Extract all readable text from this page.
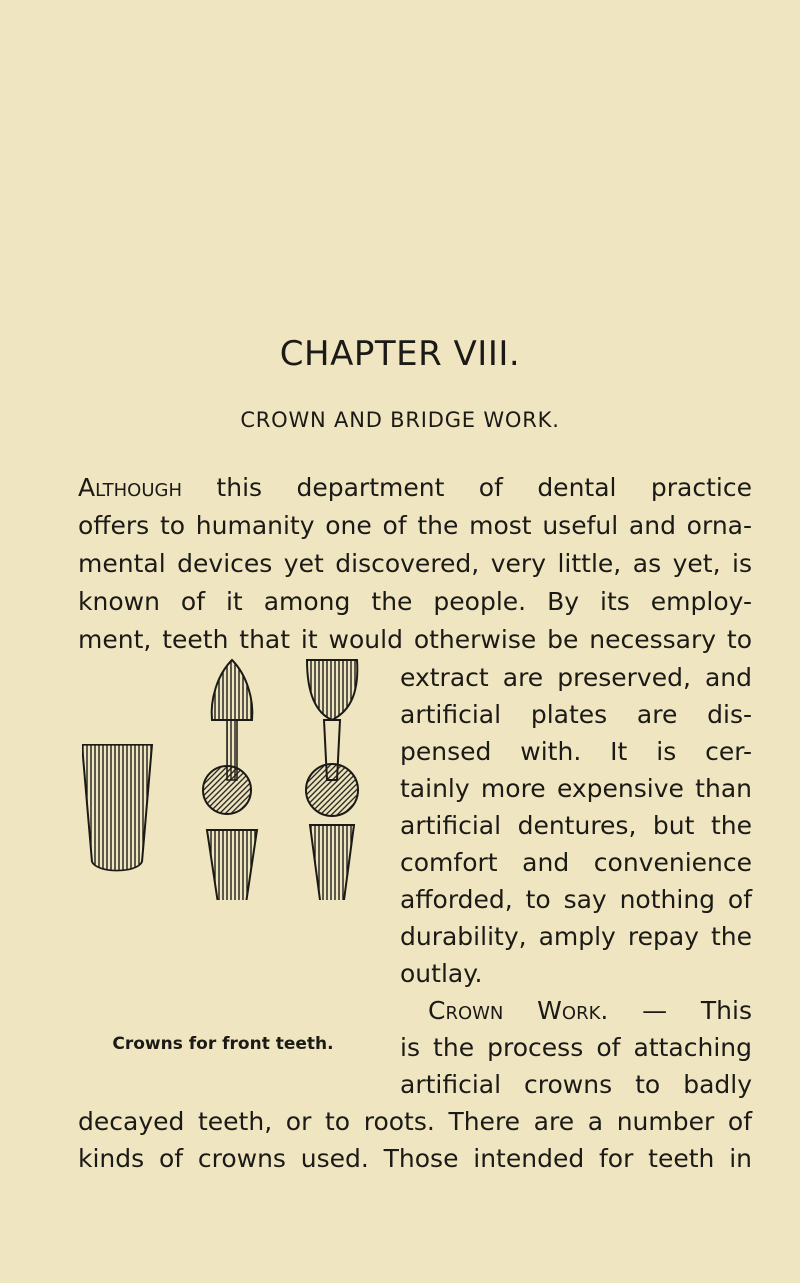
CHAPTER VIII.
CROWN AND BRIDGE WORK.
Although this department of dental practice
offers to humanity one of the most useful and orna-
mental devices yet discovered, very little, as yet, is
known of it among the people. By its employ-
ment, teeth that it would otherwise be necessary to
extract are preserved, and
artificial plates are dis-
pensed with. It is cer-
tainly more expensive than
artificial dentures, but the
comfort and convenience
afforded, to say nothing of
durability, amply repay the
outlay.
Crown Work. — This
is the process of attaching
artificial crowns to badly
decayed teeth, or to roots. There are a number of
kinds of crowns used. Those intended for teeth in
Crowns for front teeth.
